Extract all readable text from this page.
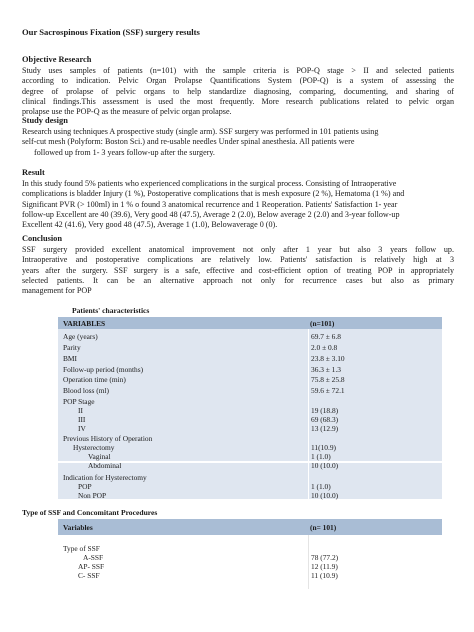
Our Sacrospinous Fixation (SSF) surgery results
Objective Research
Study uses samples of patients (n=101) with the sample criteria is POP-Q stage > II and selected patients
according to indication. Pelvic Organ Prolapse Quantifications System (POP-Q) is a system of assessing the
degree of prolapse of pelvic organs to help standardize diagnosing, comparing, documenting, and sharing of
clinical findings.This assessment is used the most frequently. More research publications related to pelvic organ
prolapse use the POP-Q as the measure of pelvic organ prolapse.
Study design
Research using techniques A prospective study (single arm). SSF surgery was performed in 101 patients using
self-cut mesh (Polyform: Boston Sci.) and re-usable needles Under spinal anesthesia. All patients were
followed up from 1- 3 years follow-up after the surgery.
Result
In this study found 5% patients who experienced complications in the surgical process. Consisting of Intraoperative
complications is bladder Injury (1 %), Postoperative complications that is mesh exposure (2 %), Hematoma (1 %) and
Significant PVR (> 100ml) in 1 % o found 3 anatomical recurrence and 1 Reoperation. Patients' Satisfaction 1- year
follow-up Excellent are 40 (39.6), Very good 48 (47.5), Average 2 (2.0), Below average 2 (2.0) and 3-year follow-up
Excellent 42 (41.6), Very good 48 (47.5), Average 1 (1.0), Belowaverage 0 (0).
Conclusion
SSF surgery provided excellent anatomical improvement not only after 1 year but also 3 years follow up.
Intraoperative and postoperative complications are relatively low. Patients' satisfaction is relatively high at 3
years after the surgery. SSF surgery is a safe, effective and cost-efficient option of treating POP in appropriately
selected patients. It can be an alternative approach not only for recurrence cases but also as primary
management for POP
Patients' characteristics
VARIABLES	(n=101)
Age (years)	69.7 ± 6.8
Parity	2.0 ± 0.8
BMI	23.8 ± 3.10
Follow-up period (months)	36.3 ± 1.3
Operation time (min)	75.8 ± 25.8
Blood loss (ml)	59.6 ± 72.1
POP Stage
II	19 (18.8)
III	69 (68.3)
IV	13 (12.9)
Previous History of Operation
Hysterectomy	11(10.9)
Vaginal	1 (1.0)
Abdominal	10 (10.0)
Indication for Hysterectomy
POP	1 (1.0)
Non POP	10 (10.0)
Type of SSF and Concomitant Procedures
Variables	(n= 101)
Type of SSF
A-SSF	78 (77.2)
AP- SSF	12 (11.9)
C- SSF	11 (10.9)
